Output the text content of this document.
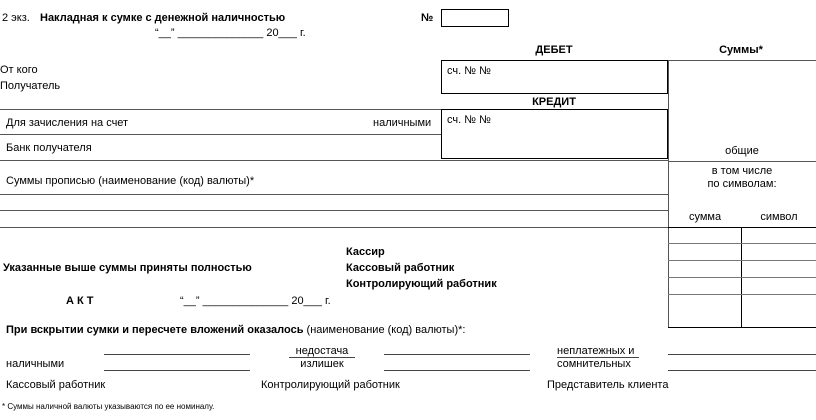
2 экз. Накладная к сумке с денежной наличностью
“__” ______________ 20___ г.
№
ДЕБЕТ	Суммы*
сч. № №
КРЕДИТ
сч. № №
общие
в том числе
по символам:
сумма	символ
От кого
Получатель
Для зачисления на счет	наличными
Банк получателя
Суммы прописью (наименование (код) валюты)*
Кассир
Указанные выше суммы приняты полностью	Кассовый работник
Контролирующий работник
А К Т	“__” ______________ 20___ г.
При вскрытии сумки и пересчете вложений оказалось (наименование (код) валюты)*:
наличными
недостача
излишек
неплатежных и
сомнительных
Кассовый работник	Контролирующий работник	Представитель клиента
* Суммы наличной валюты указываются по ее номиналу.
